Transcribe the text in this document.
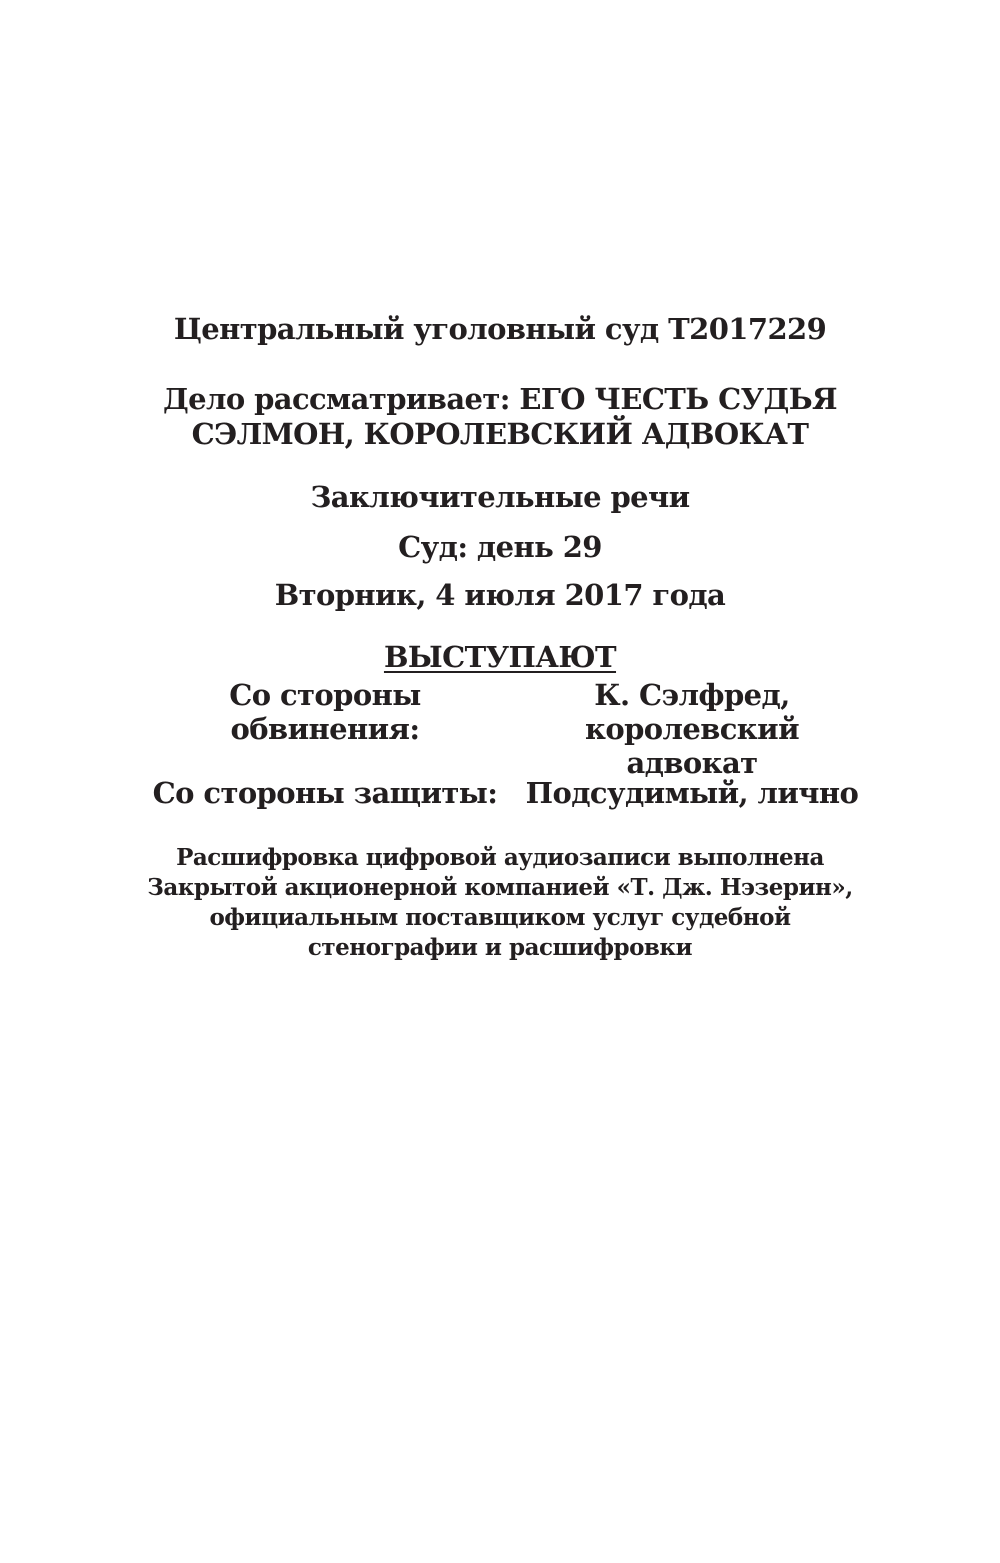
Центральный уголовный суд Т2017229
Дело рассматривает: ЕГО ЧЕСТЬ СУДЬЯ
СЭЛМОН, КОРОЛЕВСКИЙ АДВОКАТ
Заключительные речи
Суд: день 29
Вторник, 4 июля 2017 года
ВЫСТУПАЮТ
Со стороны
обвинения:
К. Сэлфред,
королевский
адвокат
Со стороны защиты: Подсудимый, лично
Расшифровка цифровой аудиозаписи выполнена
Закрытой акционерной компанией «Т. Дж. Нэзерин»,
официальным поставщиком услуг судебной
стенографии и расшифровки
